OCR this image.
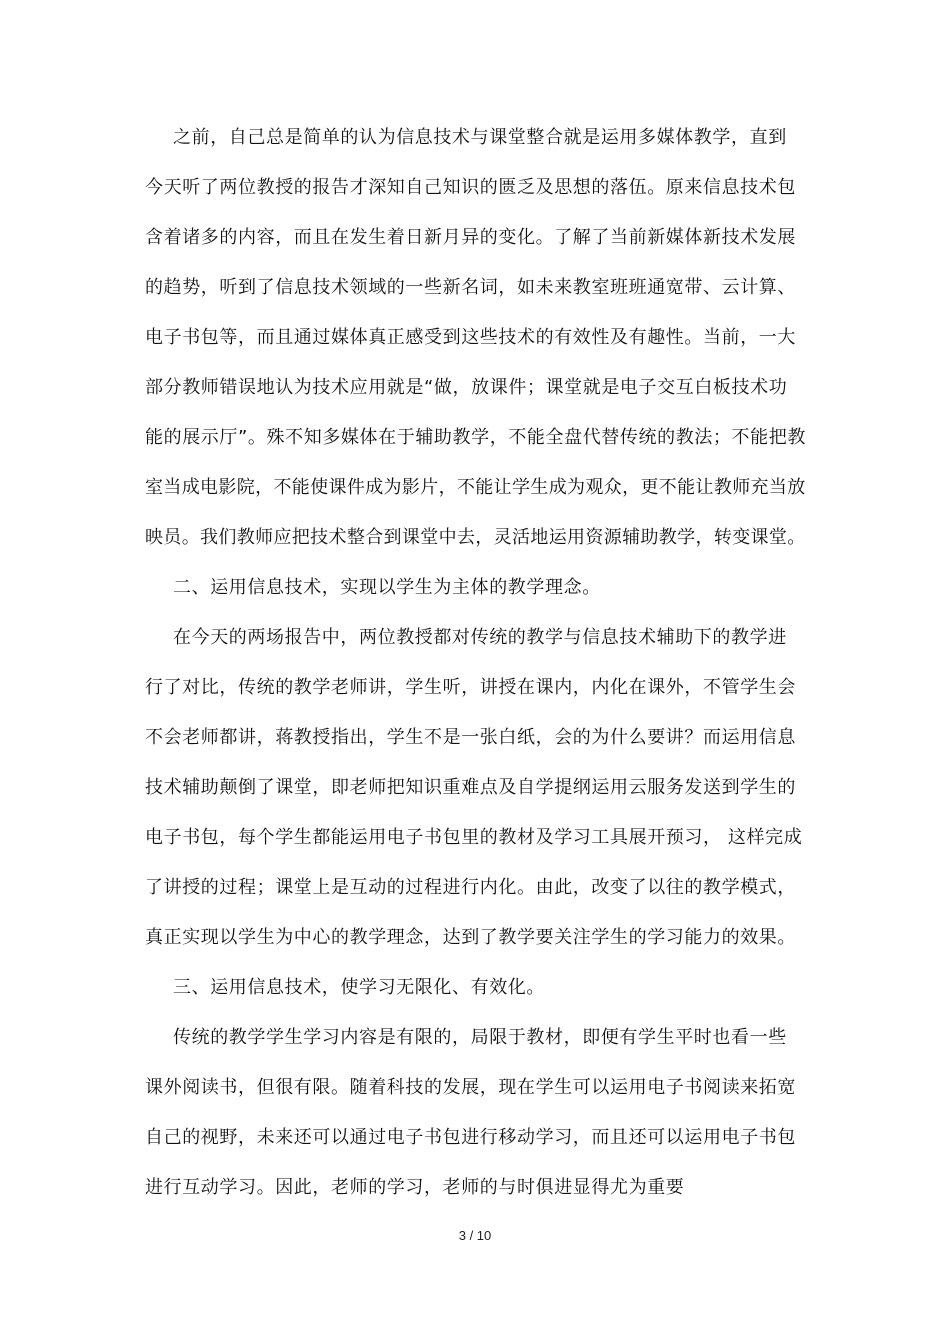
之前，自己总是简单的认为信息技术与课堂整合就是运用多媒体教学，直到
今天听了两位教授的报告才深知自己知识的匮乏及思想的落伍。原来信息技术包
含着诸多的内容，而且在发生着日新月异的变化。了解了当前新媒体新技术发展
的趋势，听到了信息技术领域的一些新名词，如未来教室班班通宽带、云计算、
电子书包等，而且通过媒体真正感受到这些技术的有效性及有趣性。当前，一大
部分教师错误地认为技术应用就是“做，放课件；课堂就是电子交互白板技术功
能的展示厅”。殊不知多媒体在于辅助教学，不能全盘代替传统的教法；不能把教
室当成电影院，不能使课件成为影片，不能让学生成为观众，更不能让教师充当放
映员。我们教师应把技术整合到课堂中去，灵活地运用资源辅助教学，转变课堂。
二、运用信息技术，实现以学生为主体的教学理念。
在今天的两场报告中，两位教授都对传统的教学与信息技术辅助下的教学进
行了对比，传统的教学老师讲，学生听，讲授在课内，内化在课外，不管学生会
不会老师都讲，蒋教授指出，学生不是一张白纸，会的为什么要讲？而运用信息
技术辅助颠倒了课堂，即老师把知识重难点及自学提纲运用云服务发送到学生的
电子书包，每个学生都能运用电子书包里的教材及学习工具展开预习， 这样完成
了讲授的过程；课堂上是互动的过程进行内化。由此，改变了以往的教学模式，
真正实现以学生为中心的教学理念，达到了教学要关注学生的学习能力的效果。
三、运用信息技术，使学习无限化、有效化。
传统的教学学生学习内容是有限的，局限于教材，即便有学生平时也看一些
课外阅读书，但很有限。随着科技的发展，现在学生可以运用电子书阅读来拓宽
自己的视野，未来还可以通过电子书包进行移动学习，而且还可以运用电子书包
进行互动学习。因此，老师的学习，老师的与时俱进显得尤为重要
3 / 10
